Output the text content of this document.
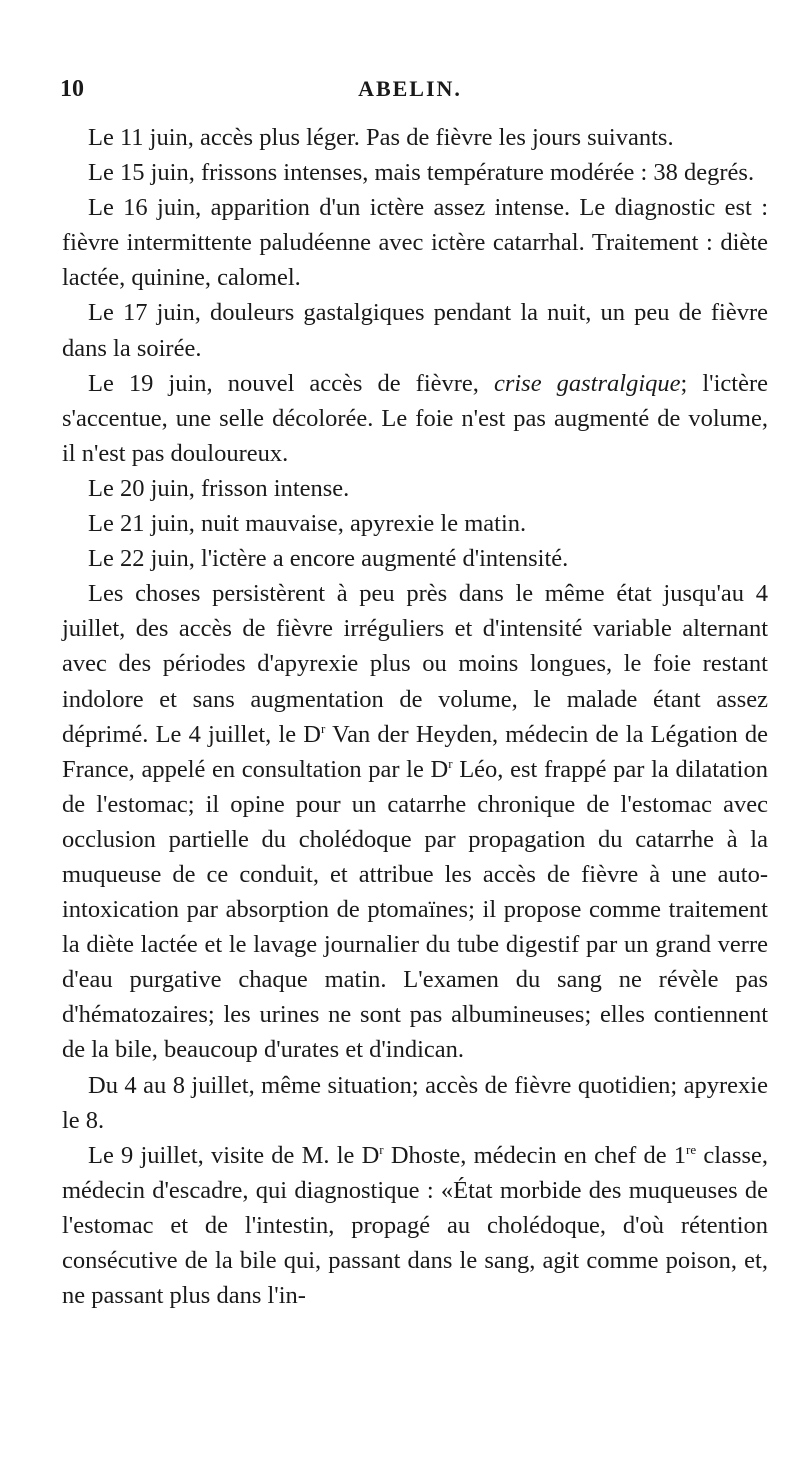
10	ABELIN.

Le 11 juin, accès plus léger. Pas de fièvre les jours suivants.

Le 15 juin, frissons intenses, mais température modérée : 38 degrés.

Le 16 juin, apparition d'un ictère assez intense. Le diagnostic est : fièvre intermittente paludéenne avec ictère catarrhal. Traitement : diète lactée, quinine, calomel.

Le 17 juin, douleurs gastalgiques pendant la nuit, un peu de fièvre dans la soirée.

Le 19 juin, nouvel accès de fièvre, crise gastralgique; l'ictère s'accentue, une selle décolorée. Le foie n'est pas augmenté de volume, il n'est pas douloureux.

Le 20 juin, frisson intense.

Le 21 juin, nuit mauvaise, apyrexie le matin.

Le 22 juin, l'ictère a encore augmenté d'intensité.

Les choses persistèrent à peu près dans le même état jusqu'au 4 juillet, des accès de fièvre irréguliers et d'intensité variable alternant avec des périodes d'apyrexie plus ou moins longues, le foie restant indolore et sans augmentation de volume, le malade étant assez déprimé. Le 4 juillet, le $D^r$ Van der Heyden, médecin de la Légation de France, appelé en consultation par le $D^r$ Léo, est frappé par la dilatation de l'estomac; il opine pour un catarrhe chronique de l'estomac avec occlusion partielle du cholédoque par propagation du catarrhe à la muqueuse de ce conduit, et attribue les accès de fièvre à une auto-intoxication par absorption de ptomaïnes; il propose comme traitement la diète lactée et le lavage journalier du tube digestif par un grand verre d'eau purgative chaque matin. L'examen du sang ne révèle pas d'hématozaires; les urines ne sont pas albumineuses; elles contiennent de la bile, beaucoup d'urates et d'indican.

Du 4 au 8 juillet, même situation; accès de fièvre quotidien; apyrexie le 8.

Le 9 juillet, visite de M. le $D^r$ Dhoste, médecin en chef de 1re classe, médecin d'escadre, qui diagnostique : «État morbide des muqueuses de l'estomac et de l'intestin, propagé au cholédoque, d'où rétention consécutive de la bile qui, passant dans le sang, agit comme poison, et, ne passant plus dans l'in-
